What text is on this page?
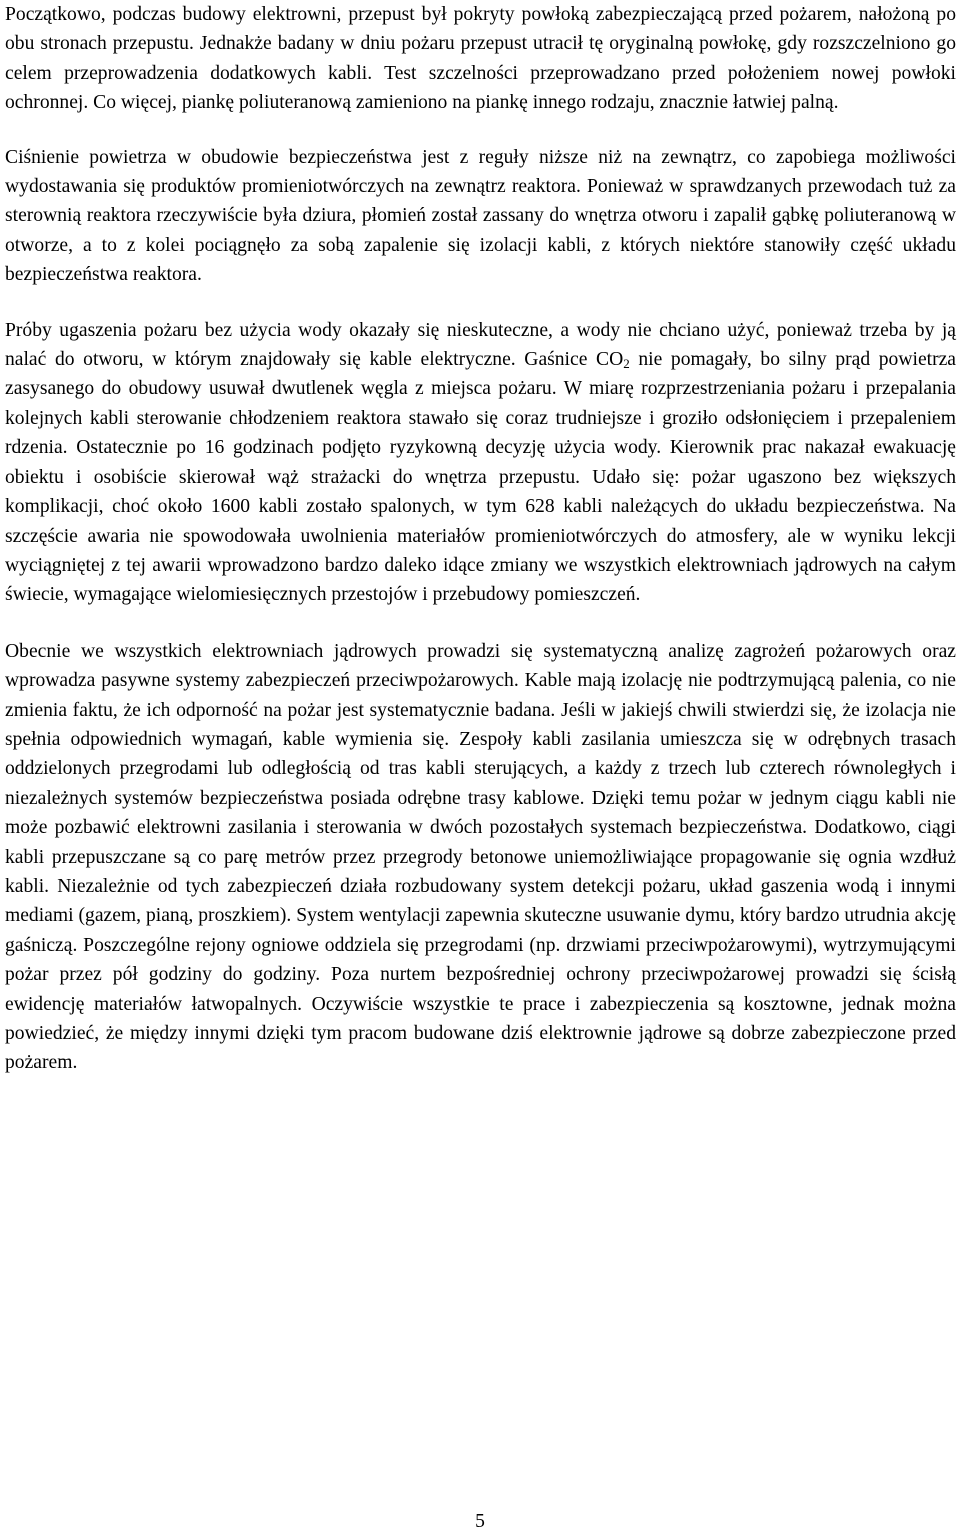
Początkowo, podczas budowy elektrowni, przepust był pokryty powłoką zabezpieczającą przed pożarem, nałożoną po obu stronach przepustu. Jednakże badany w dniu pożaru przepust utracił tę oryginalną powłokę, gdy rozszczelniono go celem przeprowadzenia dodatkowych kabli. Test szczelności przeprowadzano przed położeniem nowej powłoki ochronnej. Co więcej, piankę poliuteranową zamieniono na piankę innego rodzaju, znacznie łatwiej palną.

Ciśnienie powietrza w obudowie bezpieczeństwa jest z reguły niższe niż na zewnątrz, co zapobiega możliwości wydostawania się produktów promieniotwórczych na zewnątrz reaktora. Ponieważ w sprawdzanych przewodach tuż za sterownią reaktora rzeczywiście była dziura, płomień został zassany do wnętrza otworu i zapalił gąbkę poliuteranową w otworze, a to z kolei pociągnęło za sobą zapalenie się izolacji kabli, z których niektóre stanowiły część układu bezpieczeństwa reaktora.

Próby ugaszenia pożaru bez użycia wody okazały się nieskuteczne, a wody nie chciano użyć, ponieważ trzeba by ją nalać do otworu, w którym znajdowały się kable elektryczne. Gaśnice $CO_2$ nie pomagały, bo silny prąd powietrza zasysanego do obudowy usuwał dwutlenek węgla z miejsca pożaru. W miarę rozprzestrzeniania pożaru i przepalania kolejnych kabli sterowanie chłodzeniem reaktora stawało się coraz trudniejsze i groziło odsłonięciem i przepaleniem rdzenia. Ostatecznie po 16 godzinach podjęto ryzykowną decyzję użycia wody. Kierownik prac nakazał ewakuację obiektu i osobiście skierował wąż strażacki do wnętrza przepustu. Udało się: pożar ugaszono bez większych komplikacji, choć około 1600 kabli zostało spalonych, w tym 628 kabli należących do układu bezpieczeństwa. Na szczęście awaria nie spowodowała uwolnienia materiałów promieniotwórczych do atmosfery, ale w wyniku lekcji wyciągniętej z tej awarii wprowadzono bardzo daleko idące zmiany we wszystkich elektrowniach jądrowych na całym świecie, wymagające wielomiesięcznych przestojów i przebudowy pomieszczeń.

Obecnie we wszystkich elektrowniach jądrowych prowadzi się systematyczną analizę zagrożeń pożarowych oraz wprowadza pasywne systemy zabezpieczeń przeciwpożarowych. Kable mają izolację nie podtrzymującą palenia, co nie zmienia faktu, że ich odporność na pożar jest systematycznie badana. Jeśli w jakiejś chwili stwierdzi się, że izolacja nie spełnia odpowiednich wymagań, kable wymienia się. Zespoły kabli zasilania umieszcza się w odrębnych trasach oddzielonych przegrodami lub odległością od tras kabli sterujących, a każdy z trzech lub czterech równoległych i niezależnych systemów bezpieczeństwa posiada odrębne trasy kablowe. Dzięki temu pożar w jednym ciągu kabli nie może pozbawić elektrowni zasilania i sterowania w dwóch pozostałych systemach bezpieczeństwa. Dodatkowo, ciągi kabli przepuszczane są co parę metrów przez przegrody betonowe uniemożliwiające propagowanie się ognia wzdłuż kabli. Niezależnie od tych zabezpieczeń działa rozbudowany system detekcji pożaru, układ gaszenia wodą i innymi mediami (gazem, pianą, proszkiem). System wentylacji zapewnia skuteczne usuwanie dymu, który bardzo utrudnia akcję gaśniczą. Poszczególne rejony ogniowe oddziela się przegrodami (np. drzwiami przeciwpożarowymi), wytrzymującymi pożar przez pół godziny do godziny. Poza nurtem bezpośredniej ochrony przeciwpożarowej prowadzi się ścisłą ewidencję materiałów łatwopalnych. Oczywiście wszystkie te prace i zabezpieczenia są kosztowne, jednak można powiedzieć, że między innymi dzięki tym pracom budowane dziś elektrownie jądrowe są dobrze zabezpieczone przed pożarem.

5
